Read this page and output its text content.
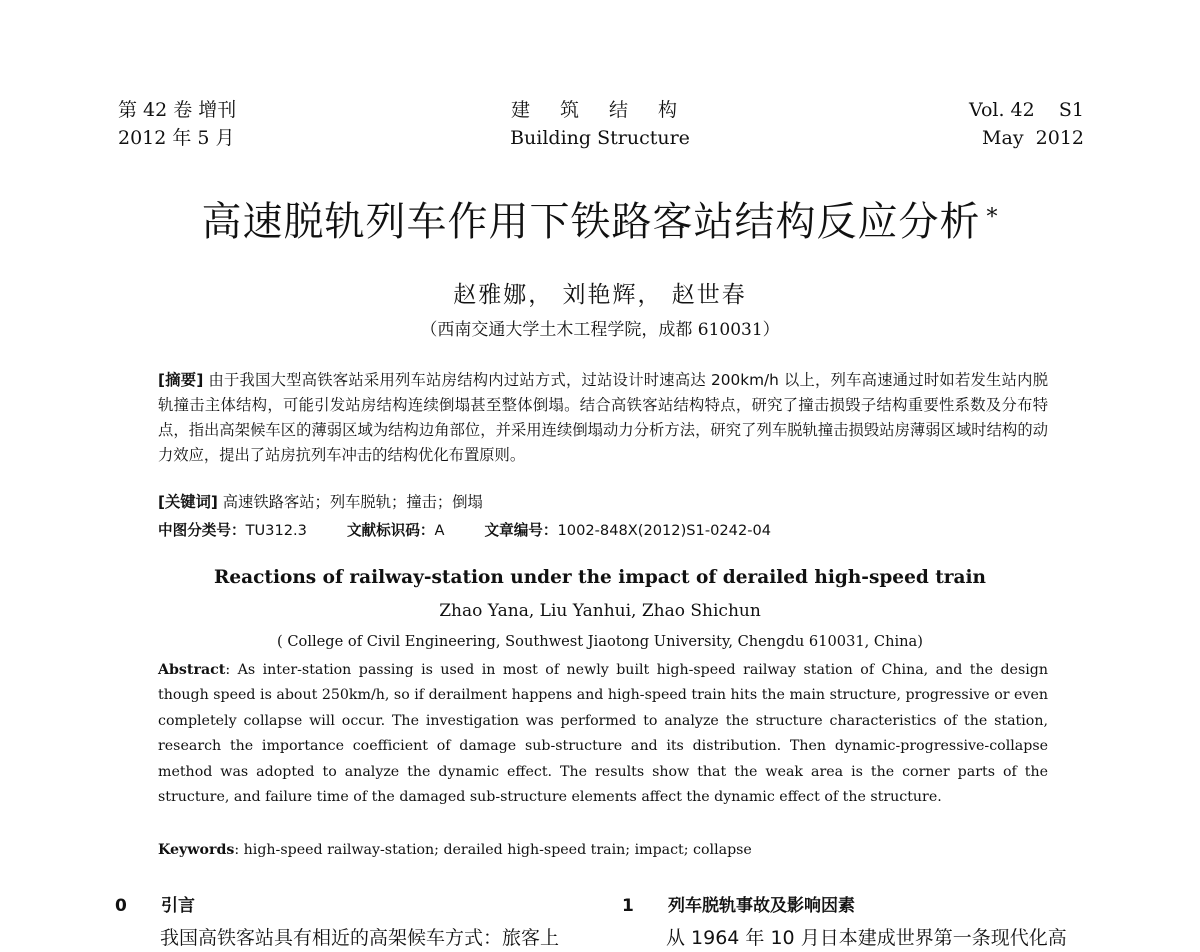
第 42 卷 增刊
2012 年 5 月
建 筑 结 构
Building Structure
Vol. 42    S1
May  2012
高速脱轨列车作用下铁路客站结构反应分析 *
赵雅娜， 刘艳辉， 赵世春
（西南交通大学土木工程学院，成都 610031）

[摘要] 由于我国大型高铁客站采用列车站房结构内过站方式，过站设计时速高达 200km/h 以上，列车高速通过时如若发生站内脱轨撞击主体结构，可能引发站房结构连续倒塌甚至整体倒塌。结合高铁客站结构特点，研究了撞击损毁子结构重要性系数及分布特点，指出高架候车区的薄弱区域为结构边角部位，并采用连续倒塌动力分析方法，研究了列车脱轨撞击损毁站房薄弱区域时结构的动力效应，提出了站房抗列车冲击的结构优化布置原则。

[关键词] 高速铁路客站；列车脱轨；撞击；倒塌
中图分类号：TU312.3	文献标识码：A	文章编号：1002-848X(2012)S1-0242-04
Reactions of railway-station under the impact of derailed high-speed train
Zhao Yana, Liu Yanhui, Zhao Shichun
( College of Civil Engineering, Southwest Jiaotong University, Chengdu 610031, China)

Abstract: As inter-station passing is used in most of newly built high-speed railway station of China, and the design though speed is about 250km/h, so if derailment happens and high-speed train hits the main structure, progressive or even completely collapse will occur. The investigation was performed to analyze the structure characteristics of the station, research the importance coefficient of damage sub-structure and its distribution. Then dynamic-progressive-collapse method was adopted to analyze the dynamic effect. The results show that the weak area is the corner parts of the structure, and failure time of the damaged sub-structure elements affect the dynamic effect of the structure.

Keywords: high-speed railway-station; derailed high-speed train; impact; collapse
0 引言
我国高铁客站具有相近的高架候车方式：旅客上
1 列车脱轨事故及影响因素
从 1964 年 10 月日本建成世界第一条现代化高
